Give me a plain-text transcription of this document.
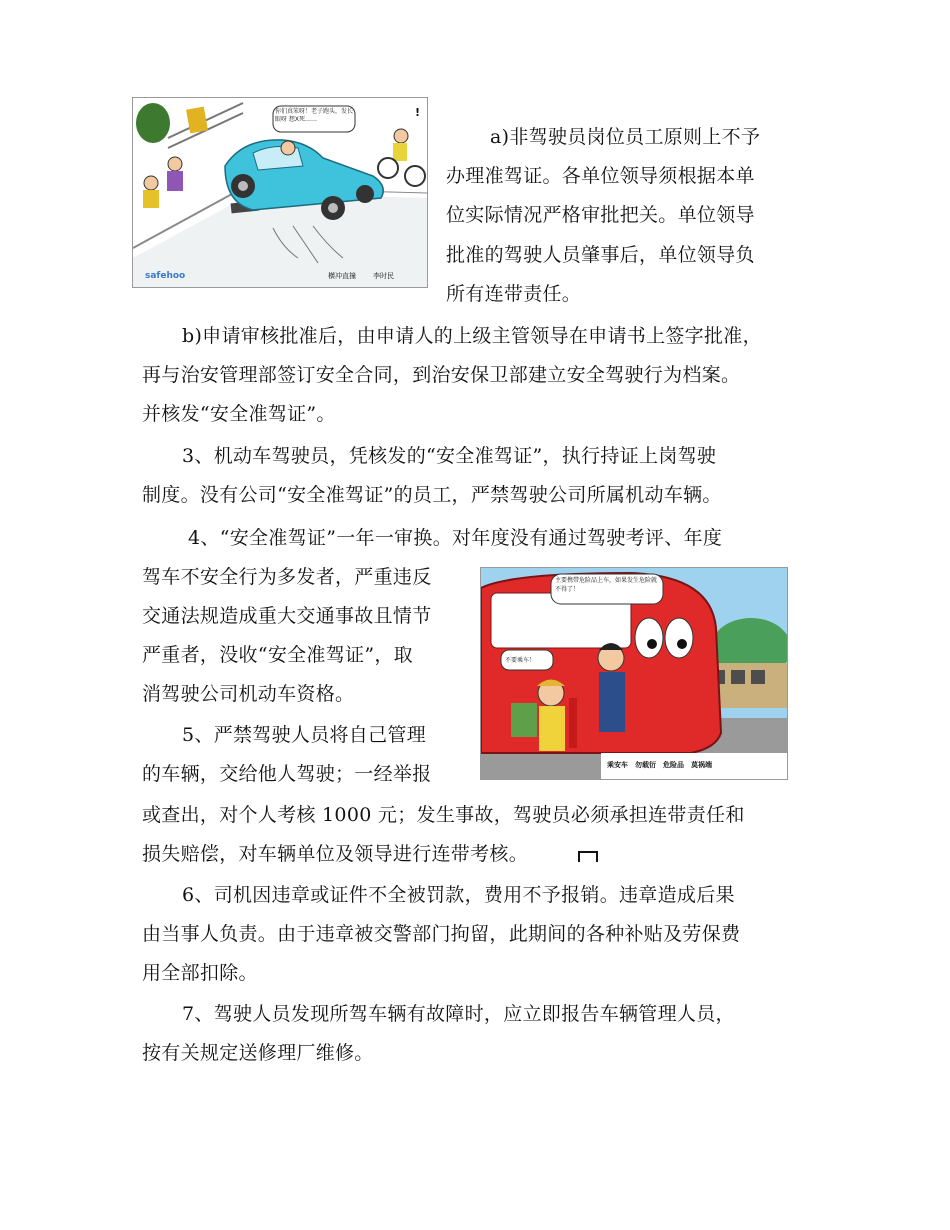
你们真笨呀！老子跑头，发长眼呀 想X死……
!
safehoo	横冲直撞 李时民
主要携带危险品上车，如果发生危险就不得了！
不要乘车！
乘安车　勿载衍　危险品　莫祸端
a)非驾驶员岗位员工原则上不予
办理准驾证。各单位领导须根据本单
位实际情况严格审批把关。单位领导
批准的驾驶人员肇事后，单位领导负
所有连带责任。
b)申请审核批准后，由申请人的上级主管领导在申请书上签字批准，
再与治安管理部签订安全合同，到治安保卫部建立安全驾驶行为档案。
并核发“安全准驾证”。
3、机动车驾驶员，凭核发的“安全准驾证”，执行持证上岗驾驶
制度。没有公司“安全准驾证”的员工，严禁驾驶公司所属机动车辆。
4、“安全准驾证”一年一审换。对年度没有通过驾驶考评、年度
驾车不安全行为多发者，严重违反
交通法规造成重大交通事故且情节
严重者，没收“安全准驾证”，取
消驾驶公司机动车资格。
5、严禁驾驶人员将自己管理
的车辆，交给他人驾驶；一经举报
或查出，对个人考核 1000 元；发生事故，驾驶员必须承担连带责任和
损失赔偿，对车辆单位及领导进行连带考核。
6、司机因违章或证件不全被罚款，费用不予报销。违章造成后果
由当事人负责。由于违章被交警部门拘留，此期间的各种补贴及劳保费
用全部扣除。
7、驾驶人员发现所驾车辆有故障时，应立即报告车辆管理人员，
按有关规定送修理厂维修。
